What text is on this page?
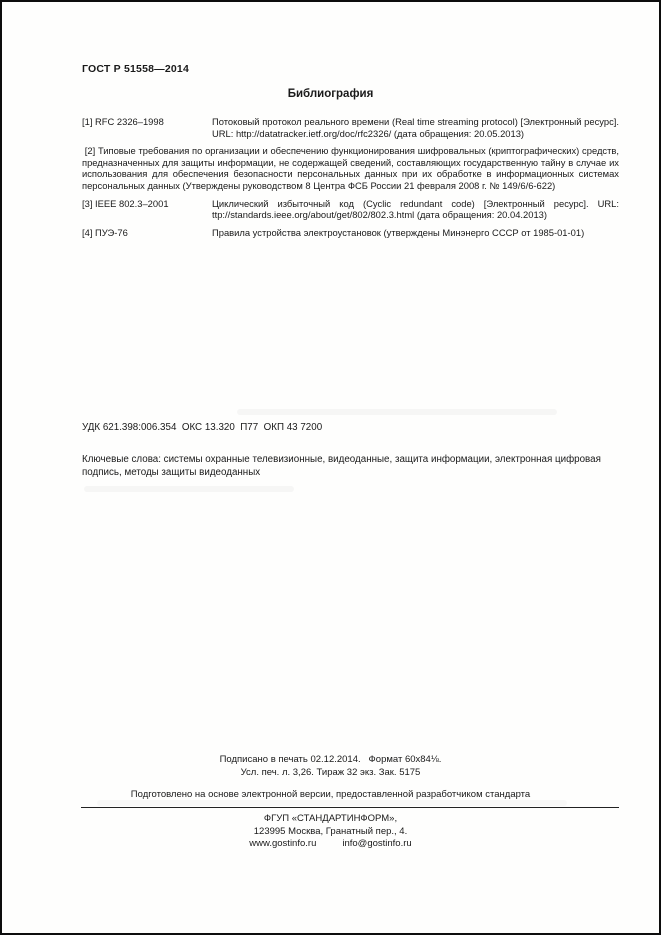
ГОСТ Р 51558—2014
Библиография
[1] RFC 2326–1998	Потоковый протокол реального времени (Real time streaming protocol) [Электронный ресурс]. URL: http://datatracker.ietf.org/doc/rfc2326/ (дата обращения: 20.05.2013)
[2] Типовые требования по организации и обеспечению функционирования шифровальных (криптографических) средств, предназначенных для защиты информации, не содержащей сведений, составляющих государственную тайну в случае их использования для обеспечения безопасности персональных данных при их обработке в информационных системах персональных данных (Утверждены руководством 8 Центра ФСБ России 21 февраля 2008 г. № 149/6/6-622)
[3] IEEE 802.3–2001	Циклический избыточный код (Cyclic redundant code) [Электронный ресурс]. URL: ttp://standards.ieee.org/about/get/802/802.3.html (дата обращения: 20.04.2013)
[4] ПУЭ-76	Правила устройства электроустановок (утверждены Минэнерго СССР от 1985-01-01)
УДК 621.398:006.354  ОКС 13.320  П77  ОКП 43 7200
Ключевые слова: системы охранные телевизионные, видеоданные, защита информации, электронная цифровая подпись, методы защиты видеоданных
Подписано в печать 02.12.2014.   Формат 60x84⅛.
Усл. печ. л. 3,26. Тираж 32 экз. Зак. 5175
Подготовлено на основе электронной версии, предоставленной разработчиком стандарта
ФГУП «СТАНДАРТИНФОРМ»,
123995 Москва, Гранатный пер., 4.
www.gostinfo.ru	info@gostinfo.ru
